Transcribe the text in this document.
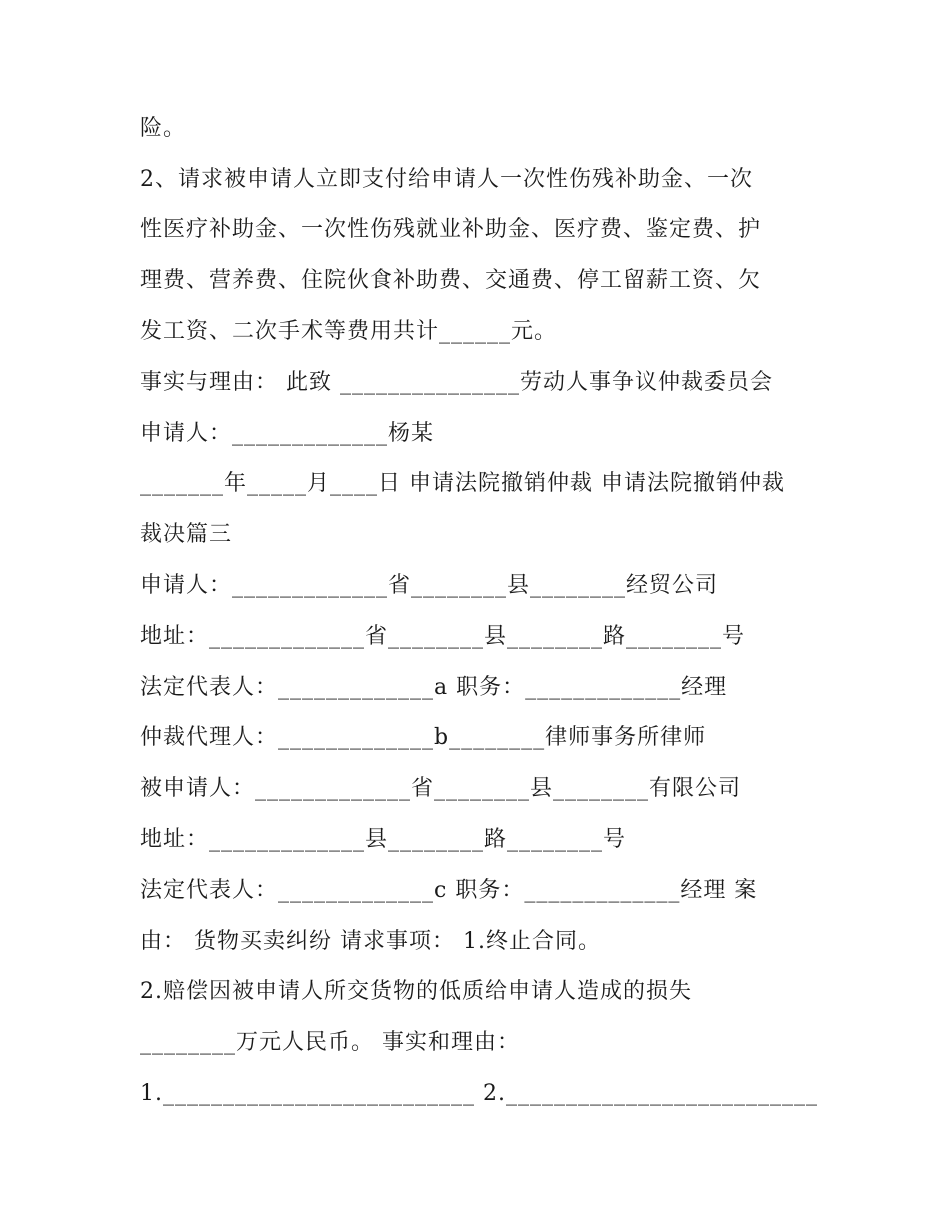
险。
2、请求被申请人立即支付给申请人一次性伤残补助金、一次
性医疗补助金、一次性伤残就业补助金、医疗费、鉴定费、护
理费、营养费、住院伙食补助费、交通费、停工留薪工资、欠
发工资、二次手术等费用共计______元。
事实与理由： 此致 _______________劳动人事争议仲裁委员会
申请人：_____________杨某
_______年_____月____日 申请法院撤销仲裁 申请法院撤销仲裁
裁决篇三
申请人：_____________省________县________经贸公司
地址：_____________省________县________路________号
法定代表人：_____________a 职务：_____________经理
仲裁代理人：_____________b________律师事务所律师
被申请人：_____________省________县________有限公司
地址：_____________县________路________号
法定代表人：_____________c 职务：_____________经理 案
由： 货物买卖纠纷 请求事项： 1.终止合同。
2.赔偿因被申请人所交货物的低质给申请人造成的损失
________万元人民币。 事实和理由：
1.__________________________ 2.__________________________
